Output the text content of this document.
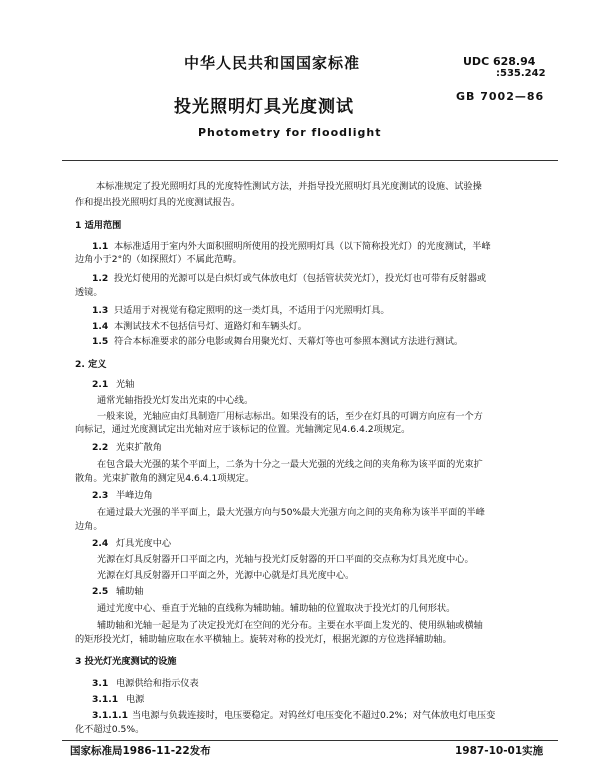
中华人民共和国国家标准	UDC 628.94
:535.242
GB 7002—86
投光照明灯具光度测试
Photometry for floodlight
本标准规定了投光照明灯具的光度特性测试方法，并指导投光照明灯具光度测试的设施、试验操
作和提出投光照明灯具的光度测试报告。
1 适用范围
1.1 本标准适用于室内外大面积照明所使用的投光照明灯具（以下简称投光灯）的光度测试，半峰
边角小于2°的（如探照灯）不属此范畴。
1.2 投光灯使用的光源可以是白炽灯或气体放电灯（包括管状荧光灯），投光灯也可带有反射器或
透镜。
1.3 只适用于对视觉有稳定照明的这一类灯具，不适用于闪光照明灯具。
1.4 本测试技术不包括信号灯、道路灯和车辆头灯。
1.5 符合本标准要求的部分电影或舞台用聚光灯、天幕灯等也可参照本测试方法进行测试。
2. 定义
2.1 光轴
通常光轴指投光灯发出光束的中心线。
一般来说，光轴应由灯具制造厂用标志标出。如果没有的话，至少在灯具的可调方向应有一个方
向标记，通过光度测试定出光轴对应于该标记的位置。光轴测定见4.6.4.2项规定。
2.2 光束扩散角
在包含最大光强的某个平面上，二条为十分之一最大光强的光线之间的夹角称为该平面的光束扩
散角。光束扩散角的测定见4.6.4.1项规定。
2.3 半峰边角
在通过最大光强的半平面上，最大光强方向与50%最大光强方向之间的夹角称为该半平面的半峰
边角。
2.4 灯具光度中心
光源在灯具反射器开口平面之内，光轴与投光灯反射器的开口平面的交点称为灯具光度中心。
光源在灯具反射器开口平面之外，光源中心就是灯具光度中心。
2.5 辅助轴
通过光度中心、垂直于光轴的直线称为辅助轴。辅助轴的位置取决于投光灯的几何形状。
辅助轴和光轴一起是为了决定投光灯在空间的光分布。主要在水平面上发光的、使用纵轴或横轴
的矩形投光灯，辅助轴应取在水平横轴上。旋转对称的投光灯，根据光源的方位选择辅助轴。
3 投光灯光度测试的设施
3.1 电源供给和指示仪表
3.1.1 电源
3.1.1.1 当电源与负载连接时，电压要稳定。对钨丝灯电压变化不超过0.2%；对气体放电灯电压变
化不超过0.5%。
国家标准局1986-11-22发布	1987-10-01实施
